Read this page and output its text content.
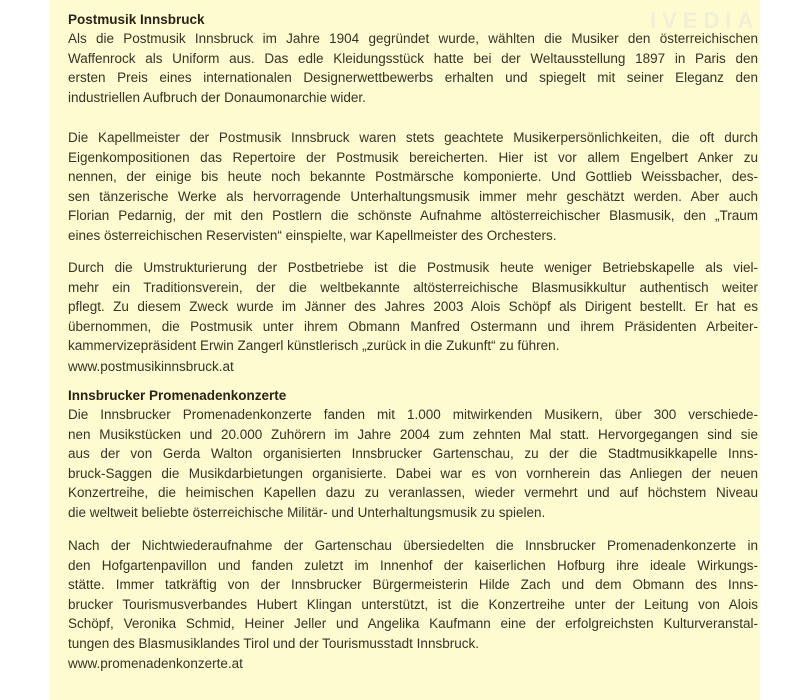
IVEDIA
Postmusik Innsbruck
Als die Postmusik Innsbruck im Jahre 1904 gegründet wurde, wählten die Musiker den österreichischen
Waffenrock als Uniform aus. Das edle Kleidungsstück hatte bei der Weltausstellung 1897 in Paris den
ersten Preis eines internationalen Designerwettbewerbs erhalten und spiegelt mit seiner Eleganz den
industriellen Aufbruch der Donaumonarchie wider.
Die Kapellmeister der Postmusik Innsbruck waren stets geachtete Musikerpersönlichkeiten, die oft durch
Eigenkompositionen das Repertoire der Postmusik bereicherten. Hier ist vor allem Engelbert Anker zu
nennen, der einige bis heute noch bekannte Postmärsche komponierte. Und Gottlieb Weissbacher, des-
sen tänzerische Werke als hervorragende Unterhaltungsmusik immer mehr geschätzt werden. Aber auch
Florian Pedarnig, der mit den Postlern die schönste Aufnahme altösterreichischer Blasmusik, den „Traum
eines österreichischen Reservisten“ einspielte, war Kapellmeister des Orchesters.
Durch die Umstrukturierung der Postbetriebe ist die Postmusik heute weniger Betriebskapelle als viel-
mehr ein Traditionsverein, der die weltbekannte altösterreichische Blasmusikkultur authentisch weiter
pflegt. Zu diesem Zweck wurde im Jänner des Jahres 2003 Alois Schöpf als Dirigent bestellt. Er hat es
übernommen, die Postmusik unter ihrem Obmann Manfred Ostermann und ihrem Präsidenten Arbeiter-
kammervizepräsident Erwin Zangerl künstlerisch „zurück in die Zukunft“ zu führen.
www.postmusikinnsbruck.at
Innsbrucker Promenadenkonzerte
Die Innsbrucker Promenadenkonzerte fanden mit 1.000 mitwirkenden Musikern, über 300 verschiede-
nen Musikstücken und 20.000 Zuhörern im Jahre 2004 zum zehnten Mal statt. Hervorgegangen sind sie
aus der von Gerda Walton organisierten Innsbrucker Gartenschau, zu der die Stadtmusikkapelle Inns-
bruck-Saggen die Musikdarbietungen organisierte. Dabei war es von vornherein das Anliegen der neuen
Konzertreihe, die heimischen Kapellen dazu zu veranlassen, wieder vermehrt und auf höchstem Niveau
die weltweit beliebte österreichische Militär- und Unterhaltungsmusik zu spielen.
Nach der Nichtwiederaufnahme der Gartenschau übersiedelten die Innsbrucker Promenadenkonzerte in
den Hofgartenpavillon und fanden zuletzt im Innenhof der kaiserlichen Hofburg ihre ideale Wirkungs-
stätte. Immer tatkräftig von der Innsbrucker Bürgermeisterin Hilde Zach und dem Obmann des Inns-
brucker Tourismusverbandes Hubert Klingan unterstützt, ist die Konzertreihe unter der Leitung von Alois
Schöpf, Veronika Schmid, Heiner Jeller und Angelika Kaufmann eine der erfolgreichsten Kulturveranstal-
tungen des Blasmusiklandes Tirol und der Tourismusstadt Innsbruck.
www.promenadenkonzerte.at
